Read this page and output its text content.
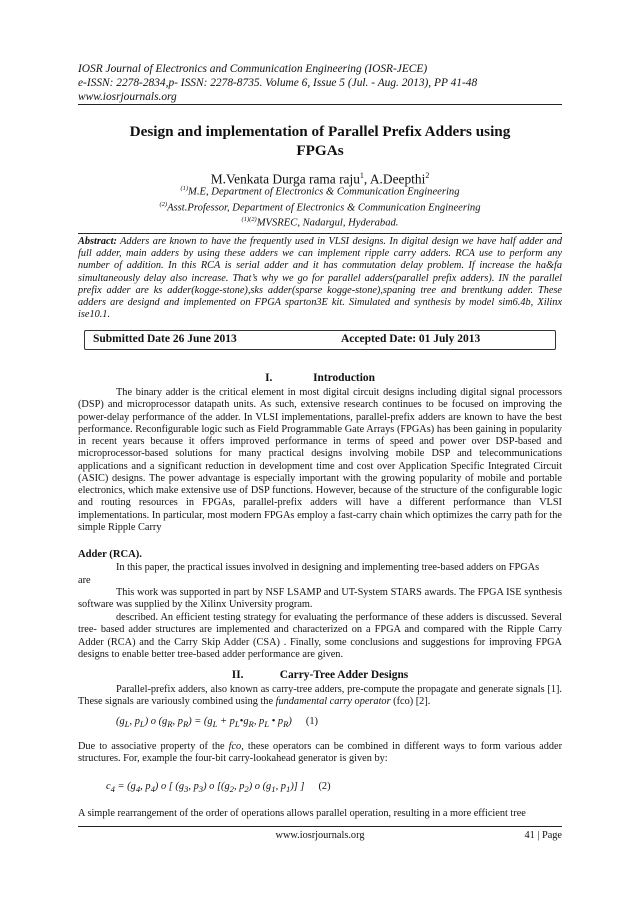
IOSR Journal of Electronics and Communication Engineering (IOSR-JECE)
e-ISSN: 2278-2834,p- ISSN: 2278-8735. Volume 6, Issue 5 (Jul. - Aug. 2013), PP 41-48
www.iosrjournals.org
Design and implementation of Parallel Prefix Adders using
FPGAs
M.Venkata Durga rama raju$^1$, A.Deepthi$^2$
$^{(1)}$M.E, Department of Electronics & Communication Engineering
$^{(2)}$Asst.Professor, Department of Electronics & Communication Engineering
$^{(1)(2)}$MVSREC, Nadargul, Hyderabad.
Abstract: Adders are known to have the frequently used in VLSI designs. In digital design we have half adder and full adder, main adders by using these adders we can implement ripple carry adders. RCA use to perform any number of addition. In this RCA is serial adder and it has commutation delay problem. If increase the ha&fa simultaneously delay also increase. That’s why we go for parallel adders(parallel prefix adders). IN the parallel prefix adder are ks adder(kogge-stone),sks adder(sparse kogge-stone),spaning tree and brentkung adder. These adders are designd and implemented on FPGA sparton3E kit. Simulated and synthesis by model sim6.4b, Xilinx ise10.1.
Submitted Date 26 June 2013	Accepted Date: 01 July 2013
I.	Introduction
The binary adder is the critical element in most digital circuit designs including digital signal processors (DSP) and microprocessor datapath units. As such, extensive research continues to be focused on improving the power-delay performance of the adder. In VLSI implementations, parallel-prefix adders are known to have the best performance. Reconfigurable logic such as Field Programmable Gate Arrays (FPGAs) has been gaining in popularity in recent years because it offers improved performance in terms of speed and power over DSP-based and microprocessor-based solutions for many practical designs involving mobile DSP and telecommunications applications and a significant reduction in development time and cost over Application Specific Integrated Circuit (ASIC) designs. The power advantage is especially important with the growing popularity of mobile and portable electronics, which make extensive use of DSP functions. However, because of the structure of the configurable logic and routing resources in FPGAs, parallel-prefix adders will have a different performance than VLSI implementations. In particular, most modern FPGAs employ a fast-carry chain which optimizes the carry path for the simple Ripple Carry
Adder (RCA).
In this paper, the practical issues involved in designing and implementing tree-based adders on FPGAs
are
This work was supported in part by NSF LSAMP and UT-System STARS awards. The FPGA ISE synthesis software was supplied by the Xilinx University program.
described. An efficient testing strategy for evaluating the performance of these adders is discussed. Several tree- based adder structures are implemented and characterized on a FPGA and compared with the Ripple Carry Adder (RCA) and the Carry Skip Adder (CSA) . Finally, some conclusions and suggestions for improving FPGA designs to enable better tree-based adder performance are given.
II.	Carry-Tree Adder Designs
Parallel-prefix adders, also known as carry-tree adders, pre-compute the propagate and generate signals [1]. These signals are variously combined using the fundamental carry operator (fco) [2].
($g_L$, $p_L$) o ($g_R$, $p_R) = (g_L$ + $p_L•g_R$, $p_L$ • $p_R$) (1)
Due to associative property of the fco, these operators can be combined in different ways to form various adder structures. For, example the four-bit carry-lookahead generator is given by:
$c_4 = (g_4$, $p_4$) o [ ($g_3$, $p_3$) o [($g_2$, $p_2$) o ($g_1$, $p_1$)] ] (2)
A simple rearrangement of the order of operations allows parallel operation, resulting in a more efficient tree
www.iosrjournals.org	41 | Page
